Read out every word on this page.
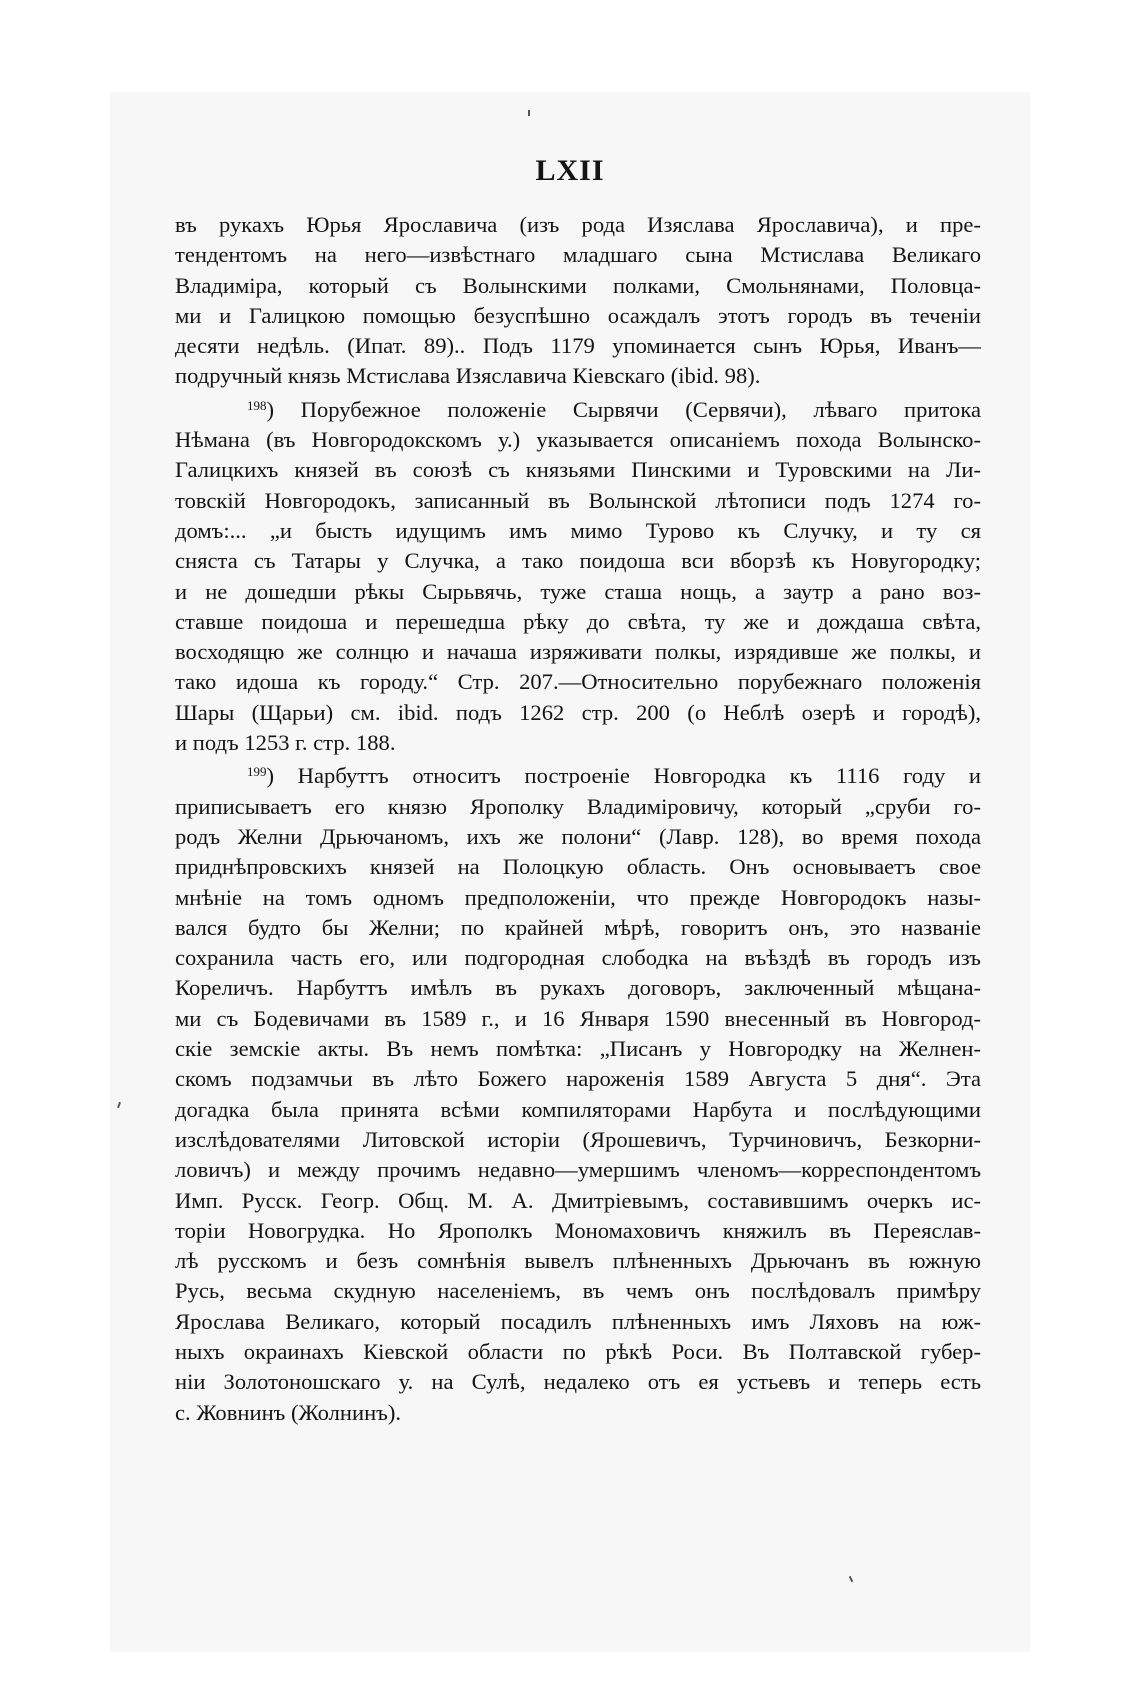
LXII

въ рукахъ Юрья Ярославича (изъ рода Изяслава Ярославича), и пре-
тендентомъ на него—извѣстнаго младшаго сына Мстислава Великаго
Владиміра, который съ Волынскими полками, Смольнянами, Половца-
ми и Галицкою помощью безуспѣшно осаждалъ этотъ городъ въ теченіи
десяти недѣль. (Ипат. 89).. Подъ 1179 упоминается сынъ Юрья, Иванъ—
подручный князь Мстислава Изяславича Кіевскаго (ibid. 98).

$^{198}$) Порубежное положеніе Сырвячи (Сервячи), лѣваго притока
Нѣмана (въ Новгородокскомъ у.) указывается описаніемъ похода Волынско-
Галицкихъ князей въ союзѣ съ князьями Пинскими и Туровскими на Ли-
товскій Новгородокъ, записанный въ Волынской лѣтописи подъ 1274 го-
домъ:... „и бысть идущимъ имъ мимо Турово къ Случку, и ту ся
сняста съ Татары у Случка, а тако поидоша вси вборзѣ къ Новугородку;
и не дошедши рѣкы Сырьвячь, туже сташа нощь, а заутр а рано воз-
ставше поидоша и перешедша рѣку до свѣта, ту же и дождаша свѣта,
восходящю же солнцю и начаша изряживати полкы, изрядивше же полкы, и
тако идоша къ городу.“ Стр. 207.—Относительно порубежнаго положенія
Шары (Щарьи) см. ibid. подъ 1262 стр. 200 (о Неблѣ озерѣ и городѣ),
и подъ 1253 г. стр. 188.

$^{199}$) Нарбуттъ относитъ построеніе Новгородка къ 1116 году и
приписываетъ его князю Ярополку Владиміровичу, который „сруби го-
родъ Желни Дрьючаномъ, ихъ же полони“ (Лавр. 128), во время похода
приднѣпровскихъ князей на Полоцкую область. Онъ основываетъ свое
мнѣніе на томъ одномъ предположеніи, что прежде Новгородокъ назы-
вался будто бы Желни; по крайней мѣрѣ, говоритъ онъ, это названіе
сохранила часть его, или подгородная слободка на въѣздѣ въ городъ изъ
Кореличъ. Нарбуттъ имѣлъ въ рукахъ договоръ, заключенный мѣщана-
ми съ Бодевичами въ 1589 г., и 16 Января 1590 внесенный въ Новгород-
скіе земскіе акты. Въ немъ помѣтка: „Писанъ у Новгородку на Желнен-
скомъ подзамчьи въ лѣто Божего нароженія 1589 Августа 5 дня“. Эта
догадка была принята всѣми компиляторами Нарбута и послѣдующими
изслѣдователями Литовской исторіи (Ярошевичъ, Турчиновичъ, Безкорни-
ловичъ) и между прочимъ недавно—умершимъ членомъ—корреспондентомъ
Имп. Русск. Геогр. Общ. М. А. Дмитріевымъ, составившимъ очеркъ ис-
торіи Новогрудка. Но Ярополкъ Мономаховичъ княжилъ въ Переяслав-
лѣ русскомъ и безъ сомнѣнія вывелъ плѣненныхъ Дрьючанъ въ южную
Русь, весьма скудную населеніемъ, въ чемъ онъ послѣдовалъ примѣру
Ярослава Великаго, который посадилъ плѣненныхъ имъ Ляховъ на юж-
ныхъ окраинахъ Кіевской области по рѣкѣ Роси. Въ Полтавской губер-
ніи Золотоношскаго у. на Сулѣ, недалеко отъ ея устьевъ и теперь есть
с. Жовнинъ (Жолнинъ).
